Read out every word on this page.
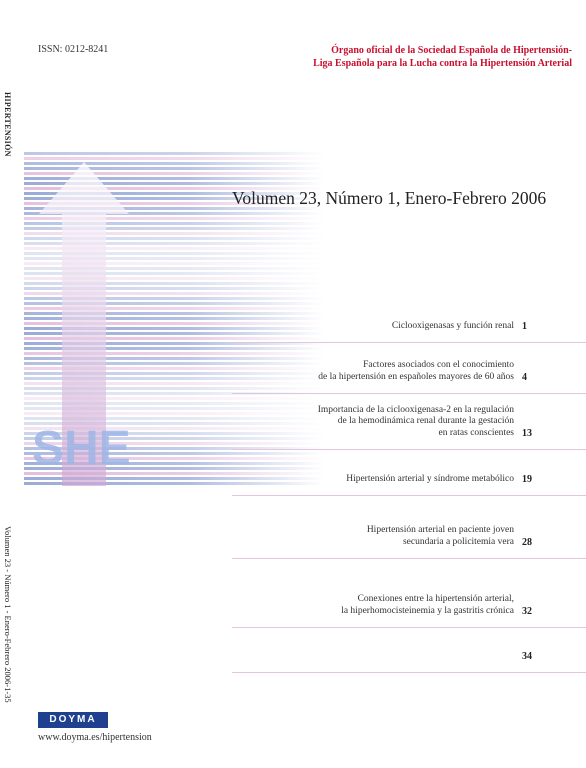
ISSN: 0212-8241	Órgano oficial de la Sociedad Española de Hipertensión-
Liga Española para la Lucha contra la Hipertensión Arterial
HIPERTENSIÓN
Volumen 23 - Número 1 - Enero-Febrero 2006-1-35
SHE
Volumen 23, Número 1, Enero-Febrero 2006
Ciclooxigenasas y función renal 1
Factores asociados con el conocimiento
de la hipertensión en españoles mayores de 60 años 4
Importancia de la ciclooxigenasa-2 en la regulación
de la hemodinámica renal durante la gestación
en ratas conscientes 13
Hipertensión arterial y síndrome metabólico 19
Hipertensión arterial en paciente joven
secundaria a policitemia vera 28
Conexiones entre la hipertensión arterial,
la hiperhomocisteinemia y la gastritis crónica 32
34
DOYMA
www.doyma.es/hipertension
